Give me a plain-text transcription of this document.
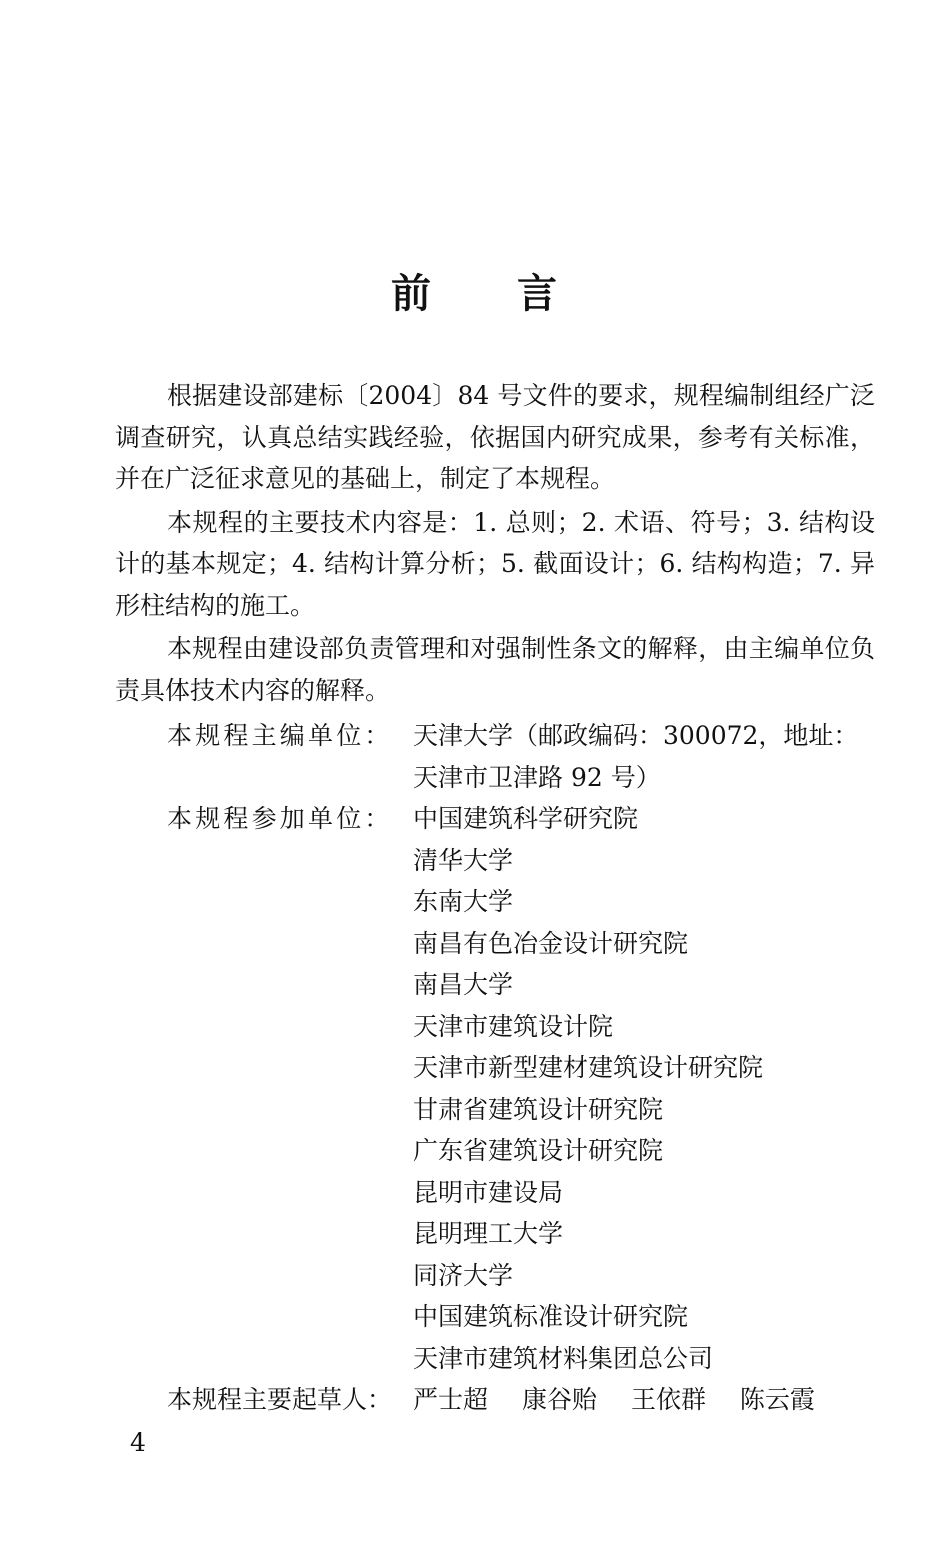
前　　言

根据建设部建标〔2004〕84 号文件的要求，规程编制组经广泛调查研究，认真总结实践经验，依据国内研究成果，参考有关标准，并在广泛征求意见的基础上，制定了本规程。

本规程的主要技术内容是：1. 总则；2. 术语、符号；3. 结构设计的基本规定；4. 结构计算分析；5. 截面设计；6. 结构构造；7. 异形柱结构的施工。

本规程由建设部负责管理和对强制性条文的解释，由主编单位负责具体技术内容的解释。

本规程主编单位： 天津大学（邮政编码：300072，地址：
天津市卫津路 92 号）
本规程参加单位： 中国建筑科学研究院
清华大学
东南大学
南昌有色冶金设计研究院
南昌大学
天津市建筑设计院
天津市新型建材建筑设计研究院
甘肃省建筑设计研究院
广东省建筑设计研究院
昆明市建设局
昆明理工大学
同济大学
中国建筑标准设计研究院
天津市建筑材料集团总公司
本规程主要起草人： 严士超 康谷贻 王依群 陈云霞
4
